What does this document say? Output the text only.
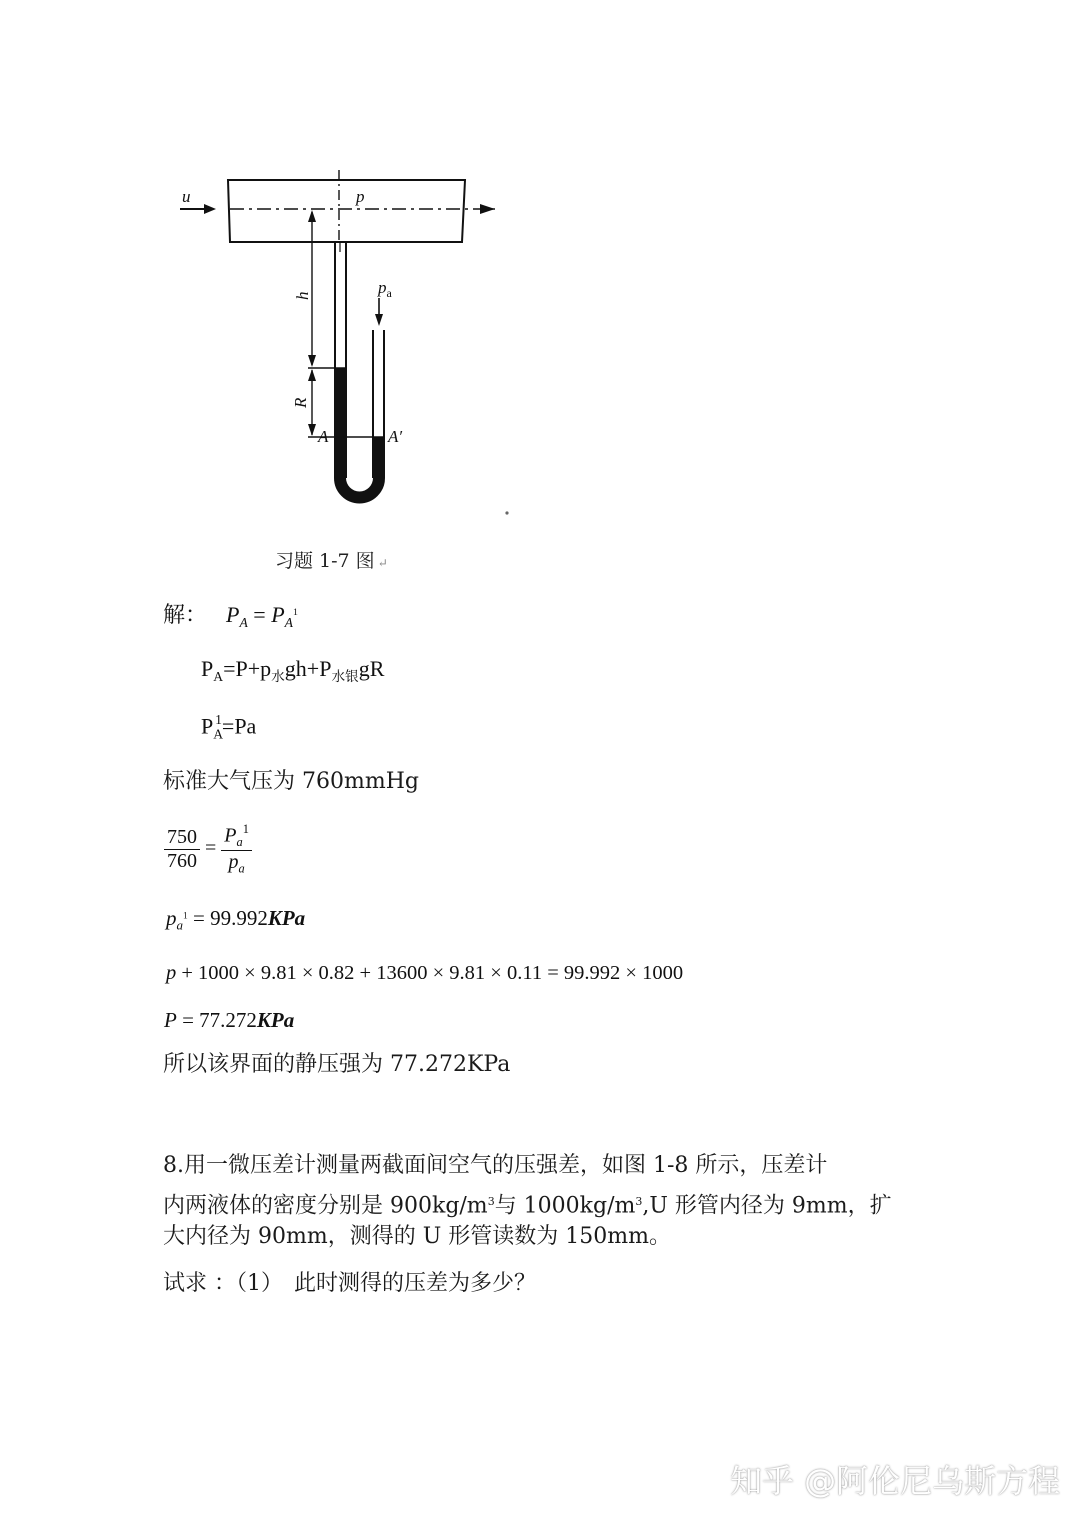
u	p
h
R
A	A′
$p_a$
习题 1-7 图 ↵
解： $P_A = P_A^1$
$P_A=P+p_水gh+P_{水银}gR$
$P_A^1=Pa$
标准大气压为 760mmHg
$\frac{750}{760} = \frac{P_a^1}{p_a}$
$p_a^1 = 99.992KPa$
p + 1000 × 9.81 × 0.82 + 13600 × 9.81 × 0.11 = 99.992 × 1000
P = 77.272KPa
所以该界面的静压强为 77.272KPa
8.用一微压差计测量两截面间空气的压强差，如图 1-8 所示，压差计
内两液体的密度分别是 $900kg/m^3$与 $1000kg/m^3,U$ 形管内径为 9mm，扩
大内径为 90mm，测得的 U 形管读数为 150mm。
试求 ：（1）　此时测得的压差为多少？
知乎 @阿伦尼乌斯方程
